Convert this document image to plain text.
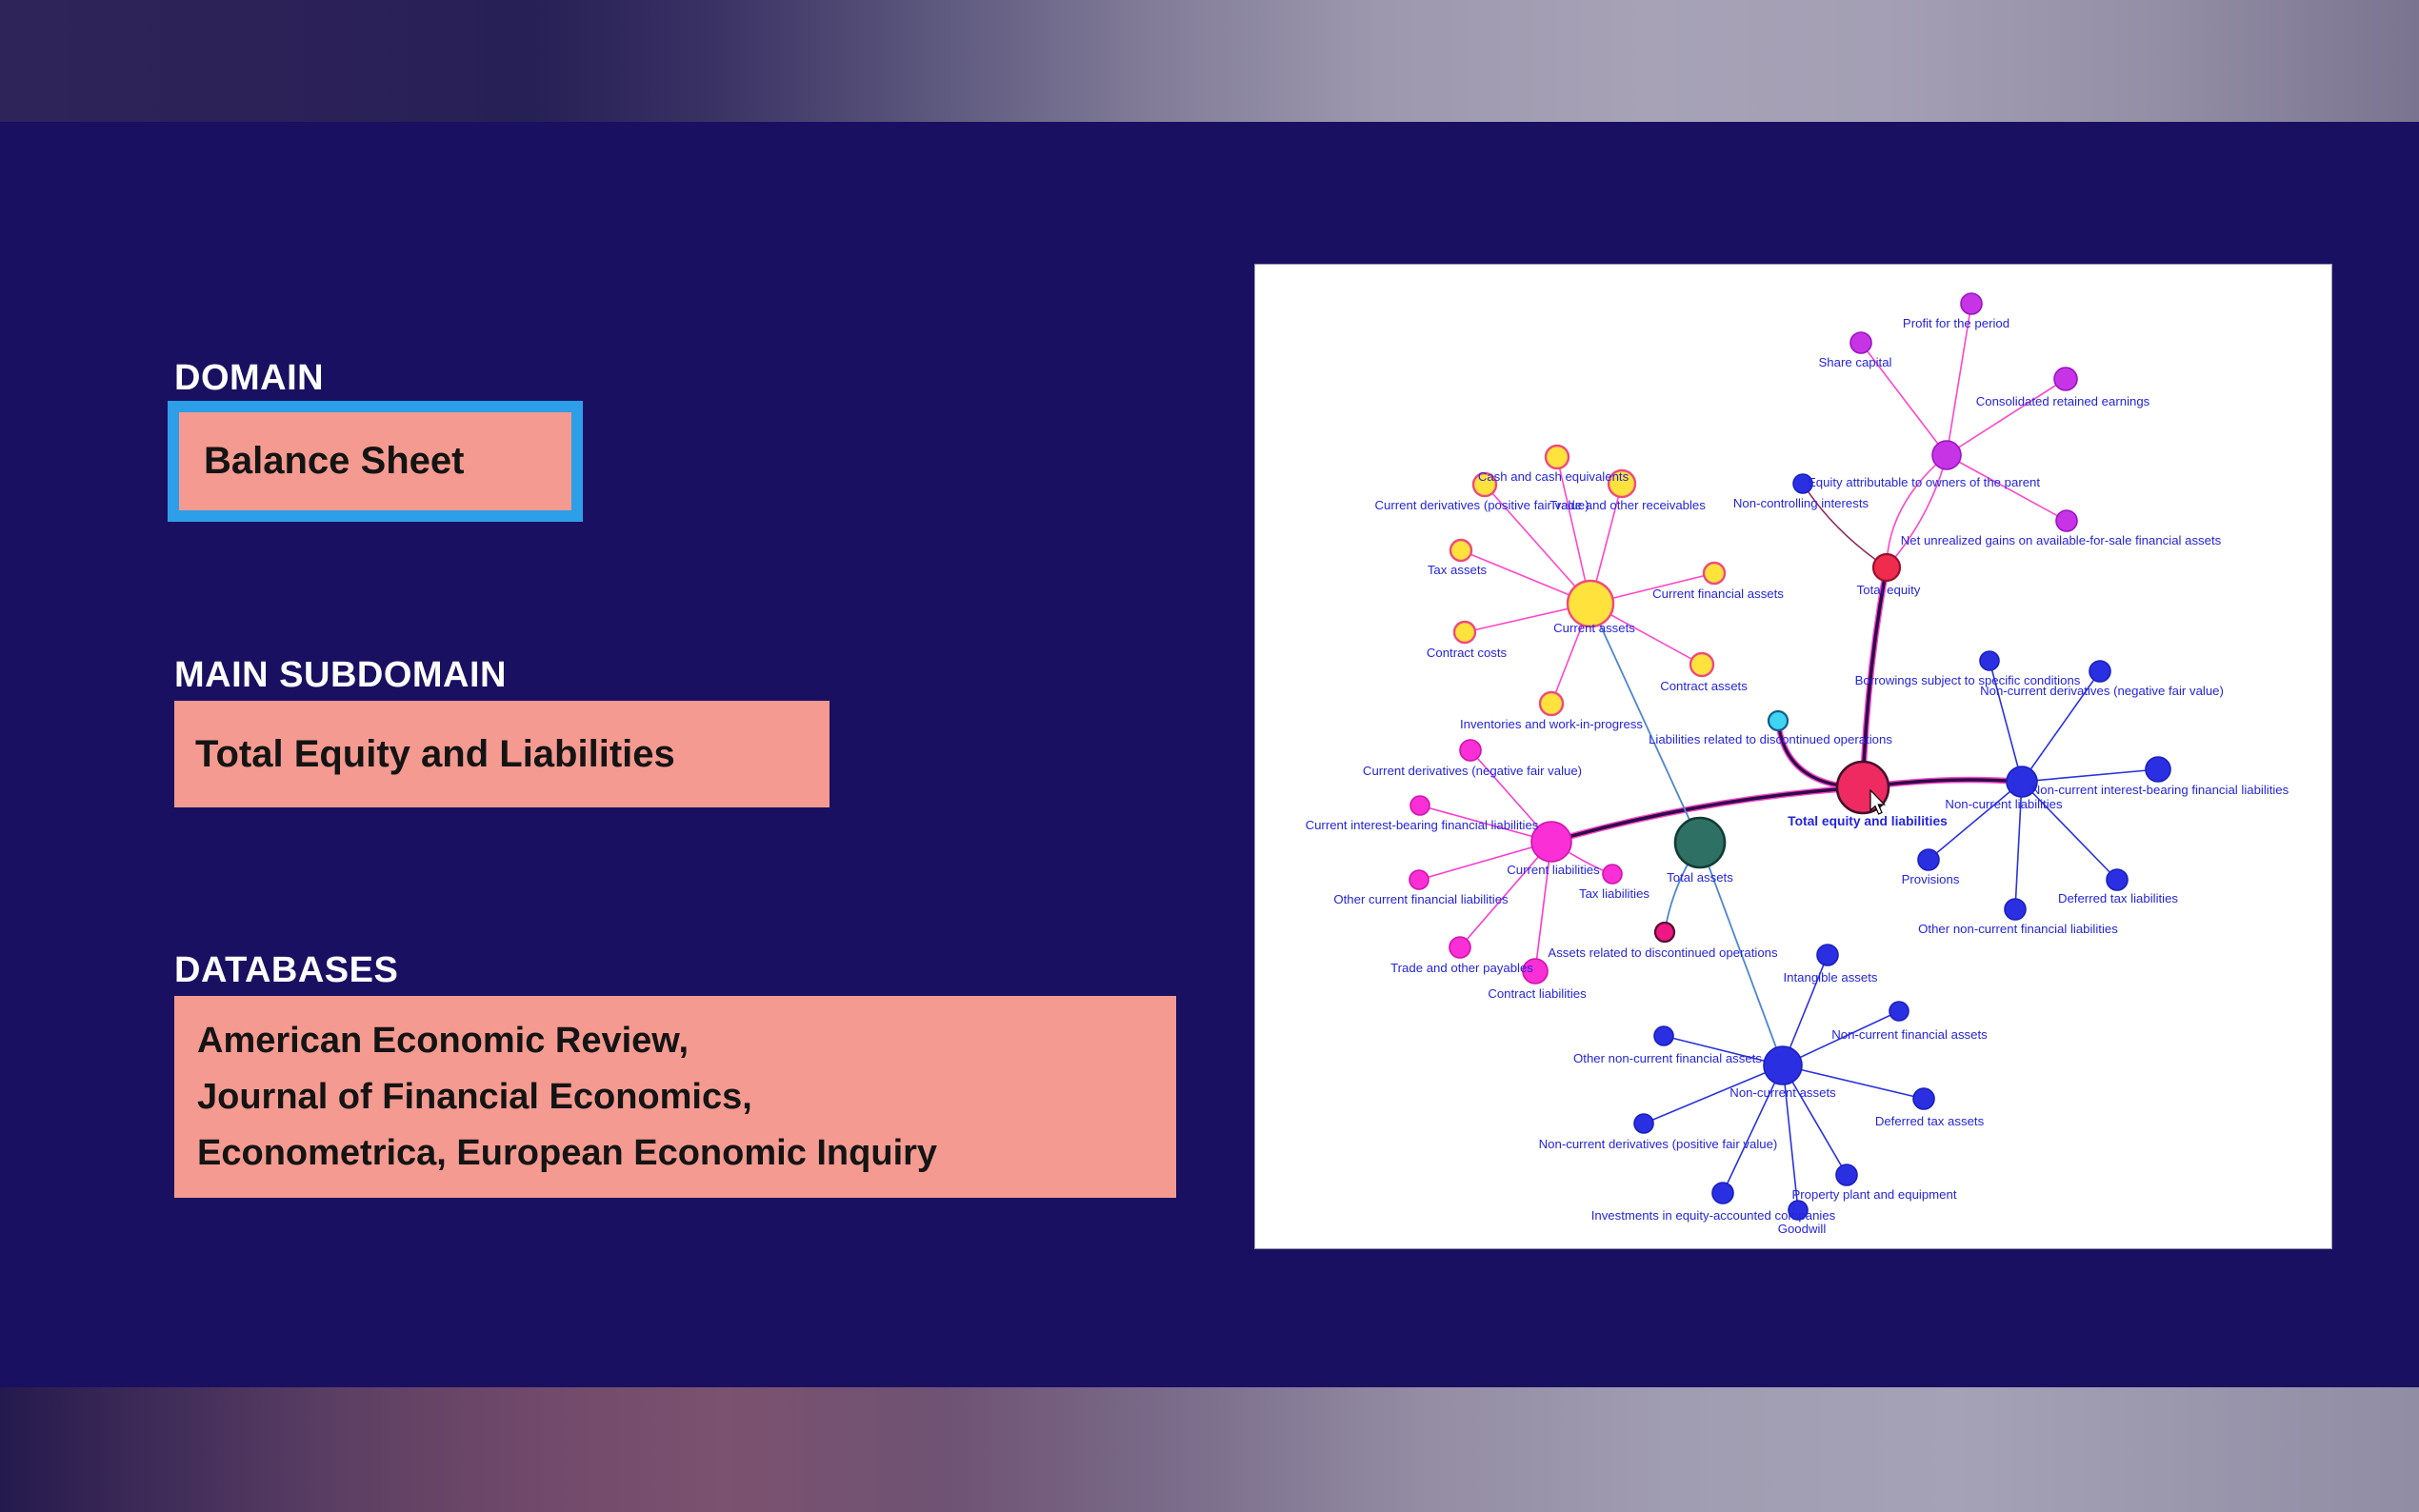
DOMAIN
Balance Sheet
MAIN SUBDOMAIN
Total Equity and Liabilities
DATABASES
American Economic Review,
Journal of Financial Economics,
Econometrica, European Economic Inquiry
Profit for the period
Share capital
Consolidated retained earnings
Equity attributable to owners of the parent
Net unrealized gains on available-for-sale financial assets
Non-controlling interests
Total equity
Cash and cash equivalents
Current derivatives (positive fair value)
Trade and other receivables
Tax assets
Current financial assets
Contract costs
Contract assets
Inventories and work-in-progress
Current assets
Current derivatives (negative fair value)
Current interest-bearing financial liabilities
Other current financial liabilities
Trade and other payables
Contract liabilities
Tax liabilities
Current liabilities
Liabilities related to discontinued operations
Total equity and liabilities
Total assets
Assets related to discontinued operations
Borrowings subject to specific conditions
Non-current derivatives (negative fair value)
Non-current interest-bearing financial liabilities
Non-current liabilities
Provisions
Deferred tax liabilities
Other non-current financial liabilities
Intangible assets
Non-current financial assets
Deferred tax assets
Property plant and equipment
Goodwill
Investments in equity-accounted companies
Non-current derivatives (positive fair value)
Other non-current financial assets
Non-current assets
